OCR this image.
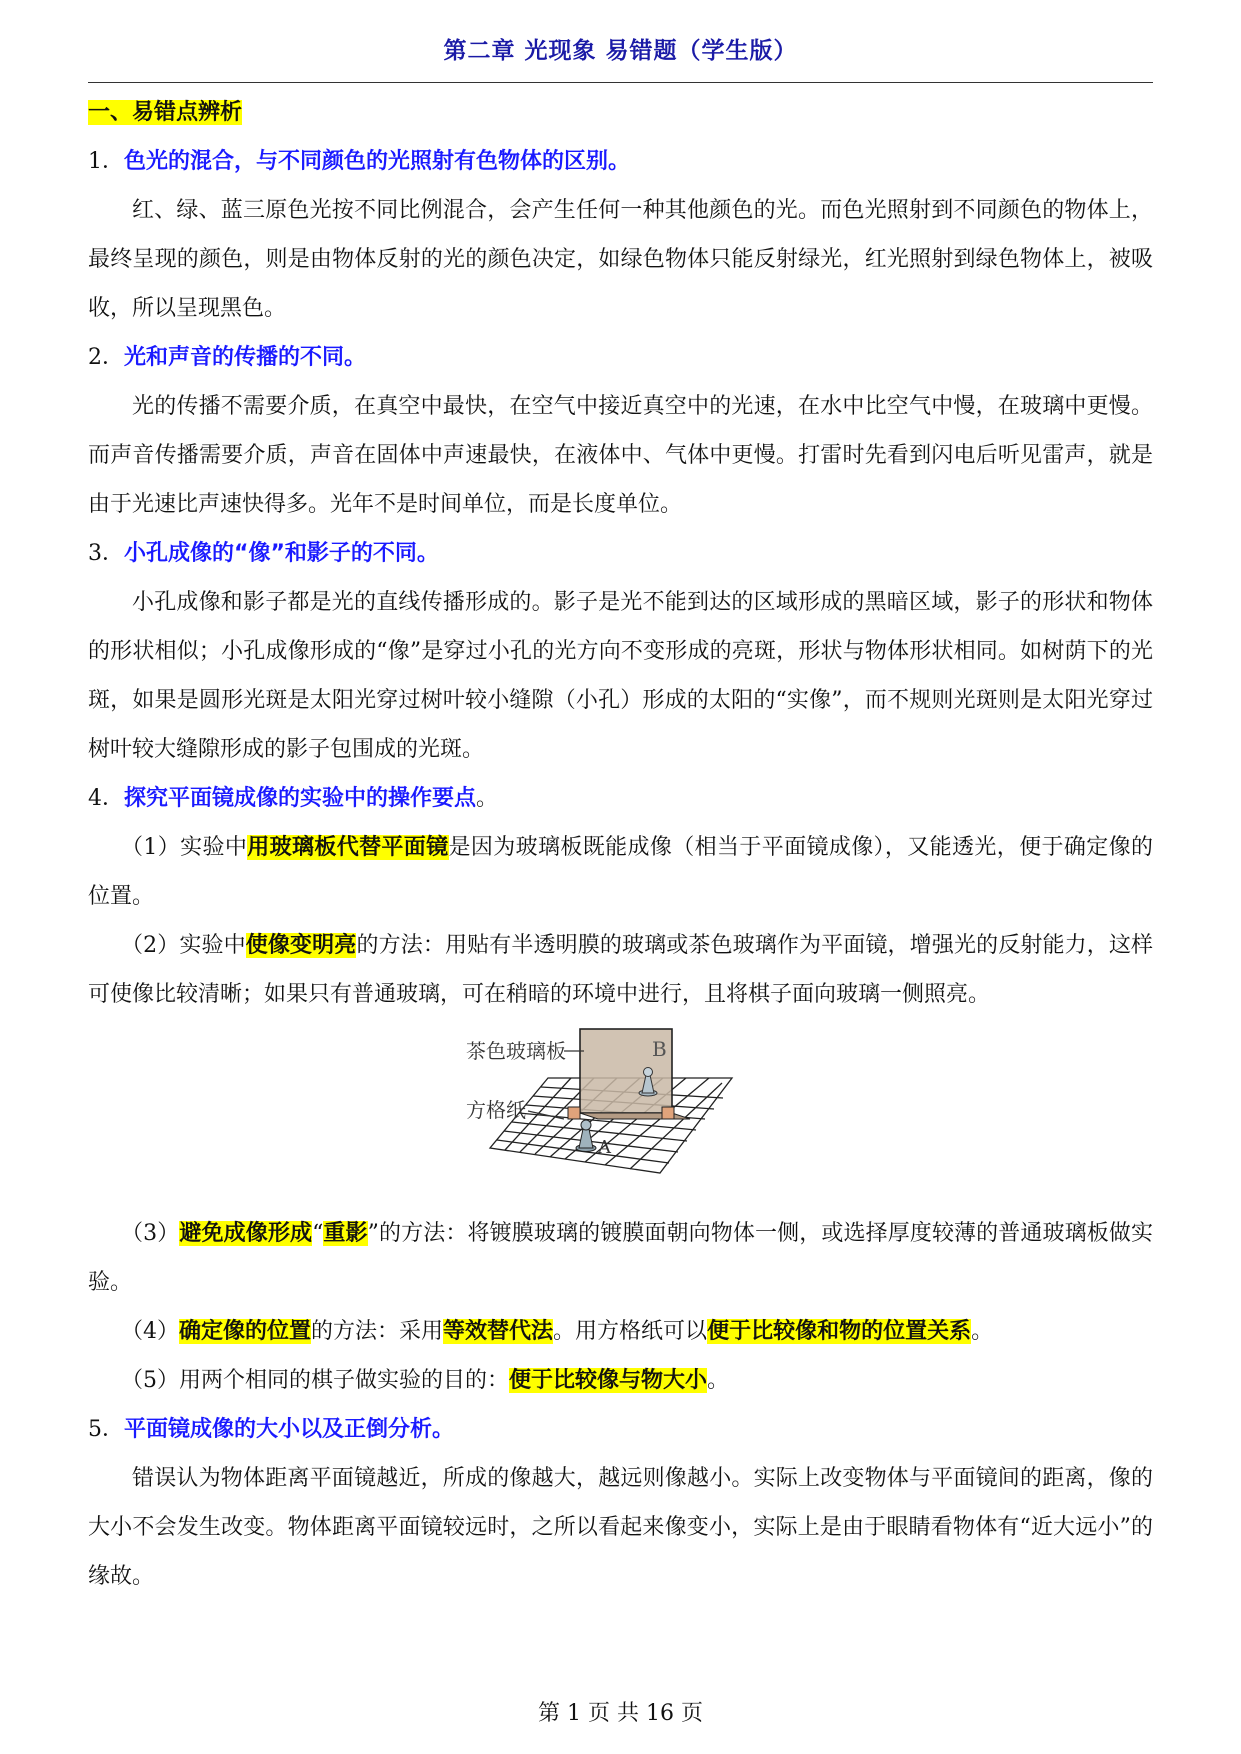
第二章 光现象 易错题（学生版）

一、易错点辨析

1．色光的混合，与不同颜色的光照射有色物体的区别。

红、绿、蓝三原色光按不同比例混合，会产生任何一种其他颜色的光。而色光照射到不同颜色的物体上，最终呈现的颜色，则是由物体反射的光的颜色决定，如绿色物体只能反射绿光，红光照射到绿色物体上，被吸收，所以呈现黑色。

2．光和声音的传播的不同。

光的传播不需要介质，在真空中最快，在空气中接近真空中的光速，在水中比空气中慢，在玻璃中更慢。而声音传播需要介质，声音在固体中声速最快，在液体中、气体中更慢。打雷时先看到闪电后听见雷声，就是由于光速比声速快得多。光年不是时间单位，而是长度单位。

3．小孔成像的“像”和影子的不同。

小孔成像和影子都是光的直线传播形成的。影子是光不能到达的区域形成的黑暗区域，影子的形状和物体的形状相似；小孔成像形成的“像”是穿过小孔的光方向不变形成的亮斑，形状与物体形状相同。如树荫下的光斑，如果是圆形光斑是太阳光穿过树叶较小缝隙（小孔）形成的太阳的“实像”，而不规则光斑则是太阳光穿过树叶较大缝隙形成的影子包围成的光斑。

4．探究平面镜成像的实验中的操作要点。

（1）实验中用玻璃板代替平面镜是因为玻璃板既能成像（相当于平面镜成像），又能透光，便于确定像的位置。

（2）实验中使像变明亮的方法：用贴有半透明膜的玻璃或茶色玻璃作为平面镜，增强光的反射能力，这样可使像比较清晰；如果只有普通玻璃，可在稍暗的环境中进行，且将棋子面向玻璃一侧照亮。

茶色玻璃板
方格纸
B
A

（3）避免成像形成“重影”的方法：将镀膜玻璃的镀膜面朝向物体一侧，或选择厚度较薄的普通玻璃板做实验。

（4）确定像的位置的方法：采用等效替代法。用方格纸可以便于比较像和物的位置关系。

（5）用两个相同的棋子做实验的目的：便于比较像与物大小。

5．平面镜成像的大小以及正倒分析。

错误认为物体距离平面镜越近，所成的像越大，越远则像越小。实际上改变物体与平面镜间的距离，像的大小不会发生改变。物体距离平面镜较远时，之所以看起来像变小，实际上是由于眼睛看物体有“近大远小”的缘故。

第 1 页 共 16 页
